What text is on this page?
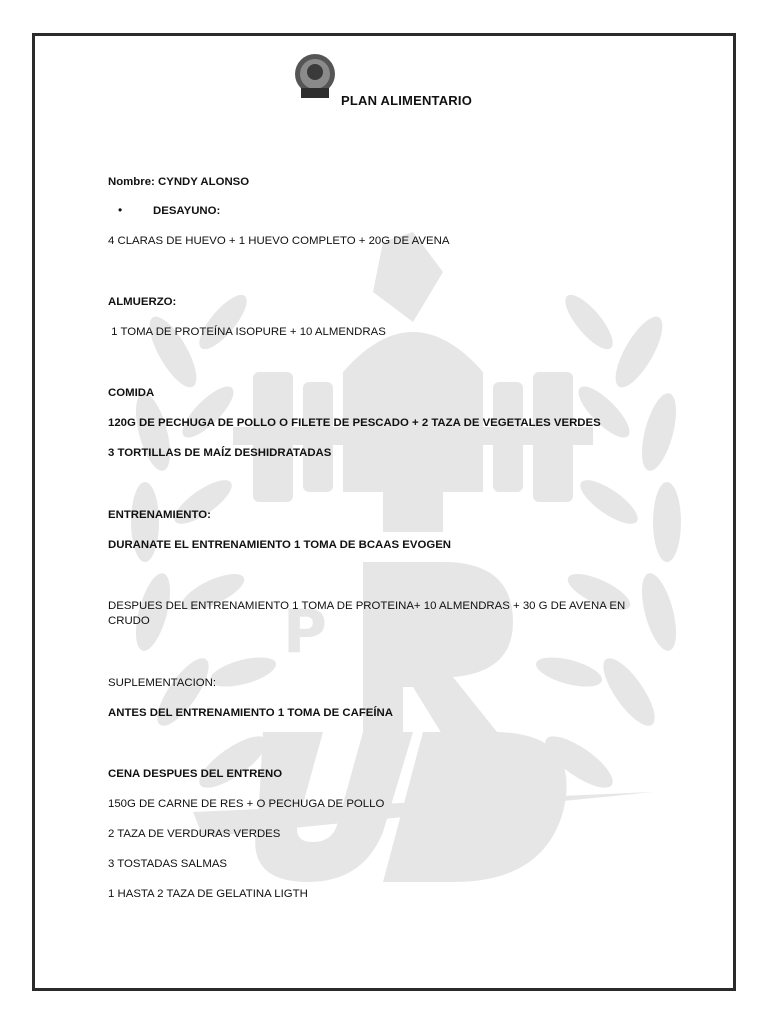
P
PLAN ALIMENTARIO
Nombre: CYNDY ALONSO
•	DESAYUNO:
4 CLARAS DE HUEVO + 1 HUEVO COMPLETO + 20G DE AVENA
ALMUERZO:
1 TOMA DE PROTEÍNA ISOPURE + 10 ALMENDRAS
COMIDA
120G DE PECHUGA DE POLLO O FILETE DE PESCADO + 2 TAZA DE VEGETALES VERDES
3 TORTILLAS DE MAÍZ DESHIDRATADAS
ENTRENAMIENTO:
DURANATE EL ENTRENAMIENTO 1 TOMA DE BCAAS EVOGEN
DESPUES DEL ENTRENAMIENTO 1 TOMA DE PROTEINA+ 10 ALMENDRAS + 30 G DE AVENA EN CRUDO
SUPLEMENTACION:
ANTES DEL ENTRENAMIENTO 1 TOMA DE CAFEÍNA
CENA DESPUES DEL ENTRENO
150G DE CARNE DE RES + O PECHUGA DE POLLO
2 TAZA DE VERDURAS VERDES
3 TOSTADAS SALMAS
1 HASTA 2 TAZA DE GELATINA LIGTH
